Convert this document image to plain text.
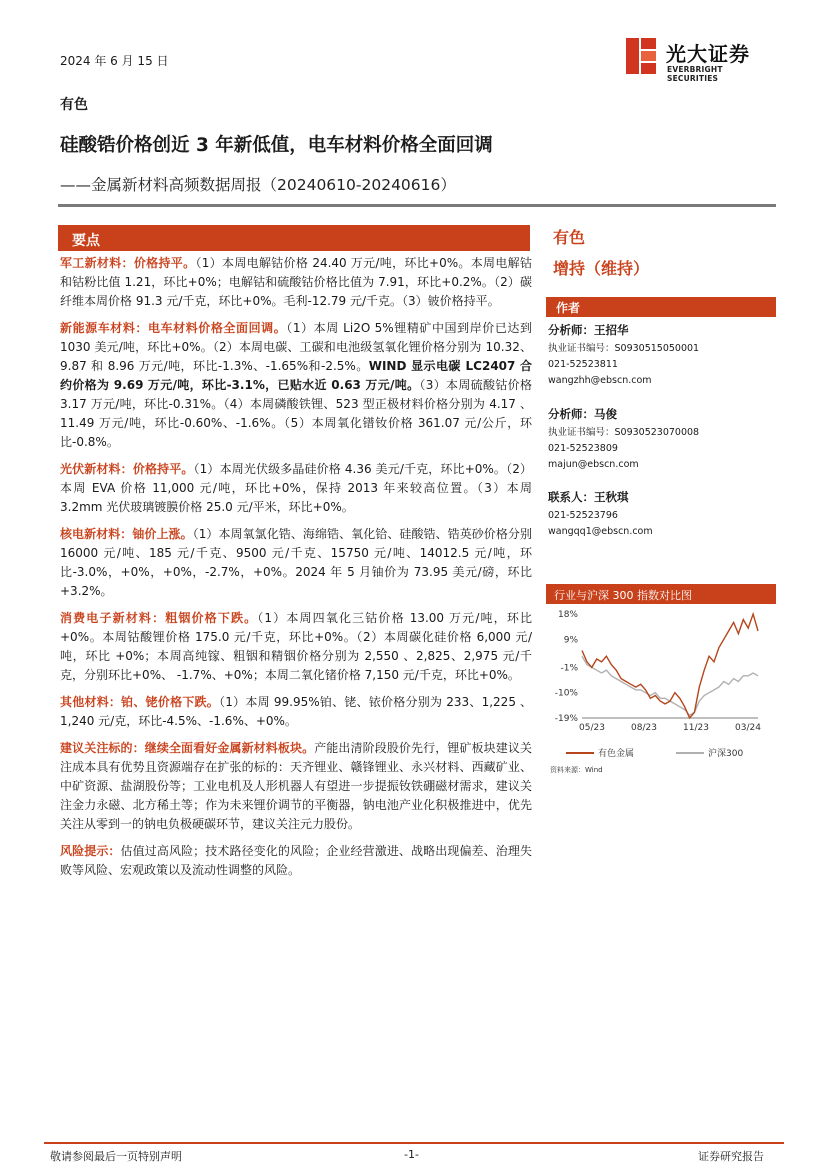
2024 年 6 月 15 日	光大证券
EVERBRIGHT SECURITIES
有色
硅酸锆价格创近 3 年新低值，电车材料价格全面回调
——金属新材料高频数据周报（20240610-20240616）
要点

军工新材料：价格持平。（1）本周电解钴价格 24.40 万元/吨，环比+0%。本周电解钴和钴粉比值 1.21，环比+0%；电解钴和硫酸钴价格比值为 7.91，环比+0.2%。（2）碳纤维本周价格 91.3 元/千克，环比+0%。毛利-12.79 元/千克。（3）铍价格持平。

新能源车材料：电车材料价格全面回调。（1）本周 Li2O 5%锂精矿中国到岸价已达到 1030 美元/吨，环比+0%。（2）本周电碳、工碳和电池级氢氧化锂价格分别为 10.32、9.87 和 8.96 万元/吨，环比-1.3%、-1.65%和-2.5%。WIND 显示电碳 LC2407 合约价格为 9.69 万元/吨，环比-3.1%，已贴水近 0.63 万元/吨。（3）本周硫酸钴价格 3.17 万元/吨，环比-0.31%。（4）本周磷酸铁锂、523 型正极材料价格分别为 4.17 、11.49 万元/吨，环比-0.60%、-1.6%。（5）本周氧化镨钕价格 361.07 元/公斤，环比-0.8%。

光伏新材料：价格持平。（1）本周光伏级多晶硅价格 4.36 美元/千克，环比+0%。（2）本周 EVA 价格 11,000 元/吨，环比+0%，保持 2013 年来较高位置。（3）本周 3.2mm 光伏玻璃镀膜价格 25.0 元/平米，环比+0%。

核电新材料：铀价上涨。（1）本周氧氯化锆、海绵锆、氧化铪、硅酸锆、锆英砂价格分别 16000 元/吨、185 元/千克、9500 元/千克、15750 元/吨、14012.5 元/吨，环比-3.0%，+0%，+0%，-2.7%，+0%。2024 年 5 月铀价为 73.95 美元/磅，环比+3.2%。

消费电子新材料：粗铟价格下跌。（1）本周四氧化三钴价格 13.00 万元/吨，环比+0%。本周钴酸锂价格 175.0 元/千克，环比+0%。（2）本周碳化硅价格 6,000 元/吨，环比 +0%；本周高纯镓、粗铟和精铟价格分别为 2,550 、2,825、2,975 元/千克，分别环比+0%、 -1.7%、+0%；本周二氧化锗价格 7,150 元/千克，环比+0%。

其他材料：铂、铑价格下跌。（1）本周 99.95%铂、铑、铱价格分别为 233、1,225 、1,240 元/克，环比-4.5%、-1.6%、+0%。

建议关注标的：继续全面看好金属新材料板块。产能出清阶段股价先行，锂矿板块建议关注成本具有优势且资源端存在扩张的标的：天齐锂业、赣锋锂业、永兴材料、西藏矿业、中矿资源、盐湖股份等；工业电机及人形机器人有望进一步提振钕铁硼磁材需求，建议关注金力永磁、北方稀土等；作为未来锂价调节的平衡器，钠电池产业化积极推进中，优先关注从零到一的钠电负极硬碳环节，建议关注元力股份。

风险提示：估值过高风险；技术路径变化的风险；企业经营激进、战略出现偏差、治理失败等风险、宏观政策以及流动性调整的风险。

有色
增持（维持）
作者
分析师：王招华
执业证书编号：S0930515050001
021-52523811
wangzhh@ebscn.com
分析师：马俊
执业证书编号：S0930523070008
021-52523809
majun@ebscn.com
联系人：王秋琪
021-52523796
wangqq1@ebscn.com
行业与沪深 300 指数对比图
18%
9%
-1%
-10%
-19%
05/23	08/23	11/23	03/24
有色金属	沪深300
资料来源：Wind
敬请参阅最后一页特别声明	-1-	证券研究报告
